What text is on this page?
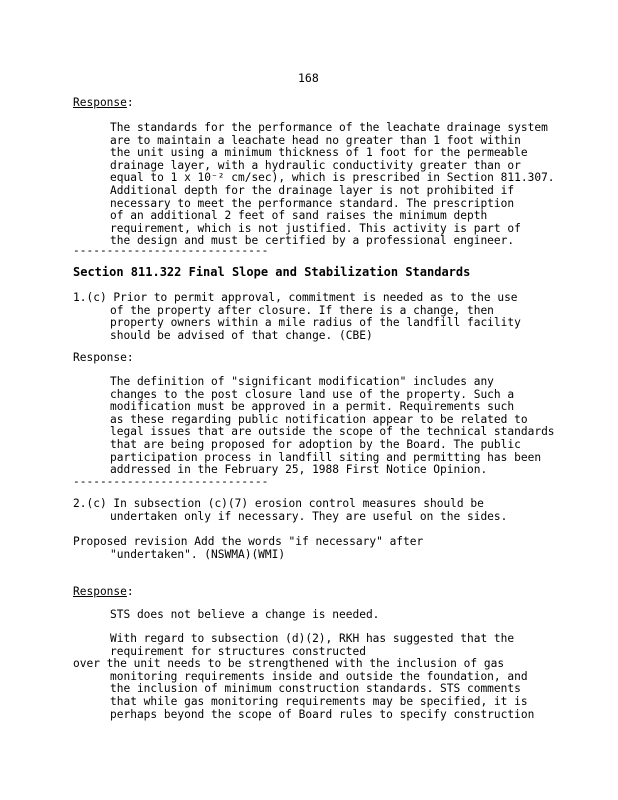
168
Response:
The standards for the performance of the leachate drainage system
are to maintain a leachate head no greater than 1 foot within
the unit using a minimum thickness of 1 foot for the permeable
drainage layer, with a hydraulic conductivity greater than or
equal to 1 x 10⁻² cm/sec), which is prescribed in Section 811.307.
Additional depth for the drainage layer is not prohibited if
necessary to meet the performance standard. The prescription
of an additional 2 feet of sand raises the minimum depth
requirement, which is not justified. This activity is part of
the design and must be certified by a professional engineer.
-----------------------------
Section 811.322 Final Slope and Stabilization Standards
1.(c) Prior to permit approval, commitment is needed as to the use
of the property after closure. If there is a change, then
property owners within a mile radius of the landfill facility
should be advised of that change. (CBE)
Response:
The definition of "significant modification" includes any
changes to the post closure land use of the property. Such a
modification must be approved in a permit. Requirements such
as these regarding public notification appear to be related to
legal issues that are outside the scope of the technical standards
that are being proposed for adoption by the Board. The public
participation process in landfill siting and permitting has been
addressed in the February 25, 1988 First Notice Opinion.
-----------------------------
2.(c) In subsection (c)(7) erosion control measures should be
undertaken only if necessary. They are useful on the sides.
Proposed revision Add the words "if necessary" after
"undertaken". (NSWMA)(WMI)
Response:
STS does not believe a change is needed.
With regard to subsection (d)(2), RKH has suggested that the
requirement for structures constructed
over the unit needs to be strengthened with the inclusion of gas
monitoring requirements inside and outside the foundation, and
the inclusion of minimum construction standards. STS comments
that while gas monitoring requirements may be specified, it is
perhaps beyond the scope of Board rules to specify construction
